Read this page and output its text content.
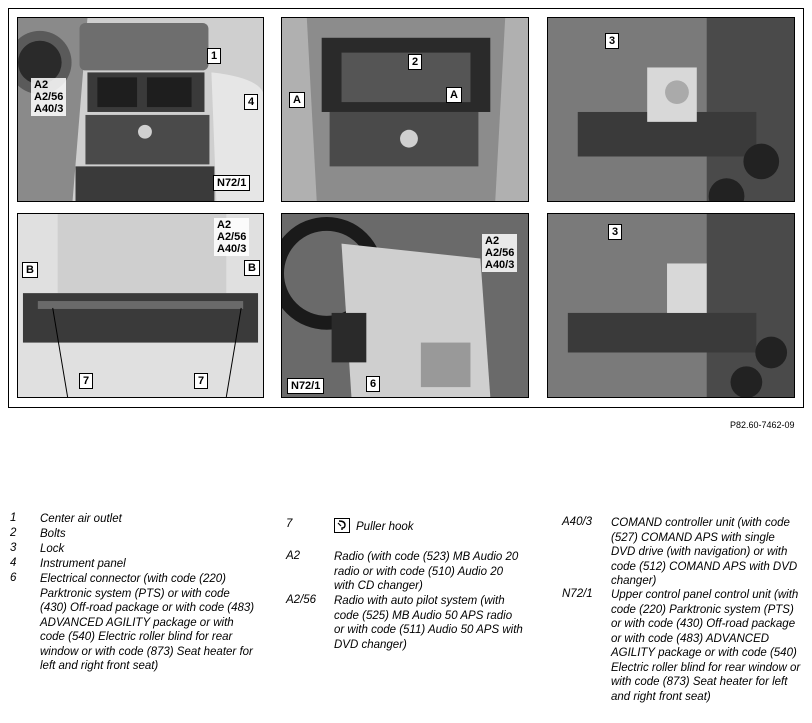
1
4
A2
A2/56
A40/3
N72/1
2
A	A
3
A2
A2/56
A40/3
B	B
7	7
A2
A2/56
A40/3
N72/1	6
3
P82.60-7462-09
1 Center air outlet
2 Bolts
3 Lock
4 Instrument panel
6 Electrical connector (with code (220) Parktronic system (PTS) or with code (430) Off-road package or with code (483) ADVANCED AGILITY package or with code (540) Electric roller blind for rear window or with code (873) Seat heater for left and right front seat)
7	Puller hook
A2	Radio (with code (523) MB Audio 20 radio or with code (510) Audio 20 with CD changer)
A2/56 Radio with auto pilot system (with code (525) MB Audio 50 APS radio or with code (511) Audio 50 APS with DVD changer)
A40/3 COMAND controller unit (with code (527) COMAND APS with single DVD drive (with navigation) or with code (512) COMAND APS with DVD changer)
N72/1 Upper control panel control unit (with code (220) Parktronic system (PTS) or with code (430) Off-road package or with code (483) ADVANCED AGILITY package or with code (540) Electric roller blind for rear window or with code (873) Seat heater for left and right front seat)
